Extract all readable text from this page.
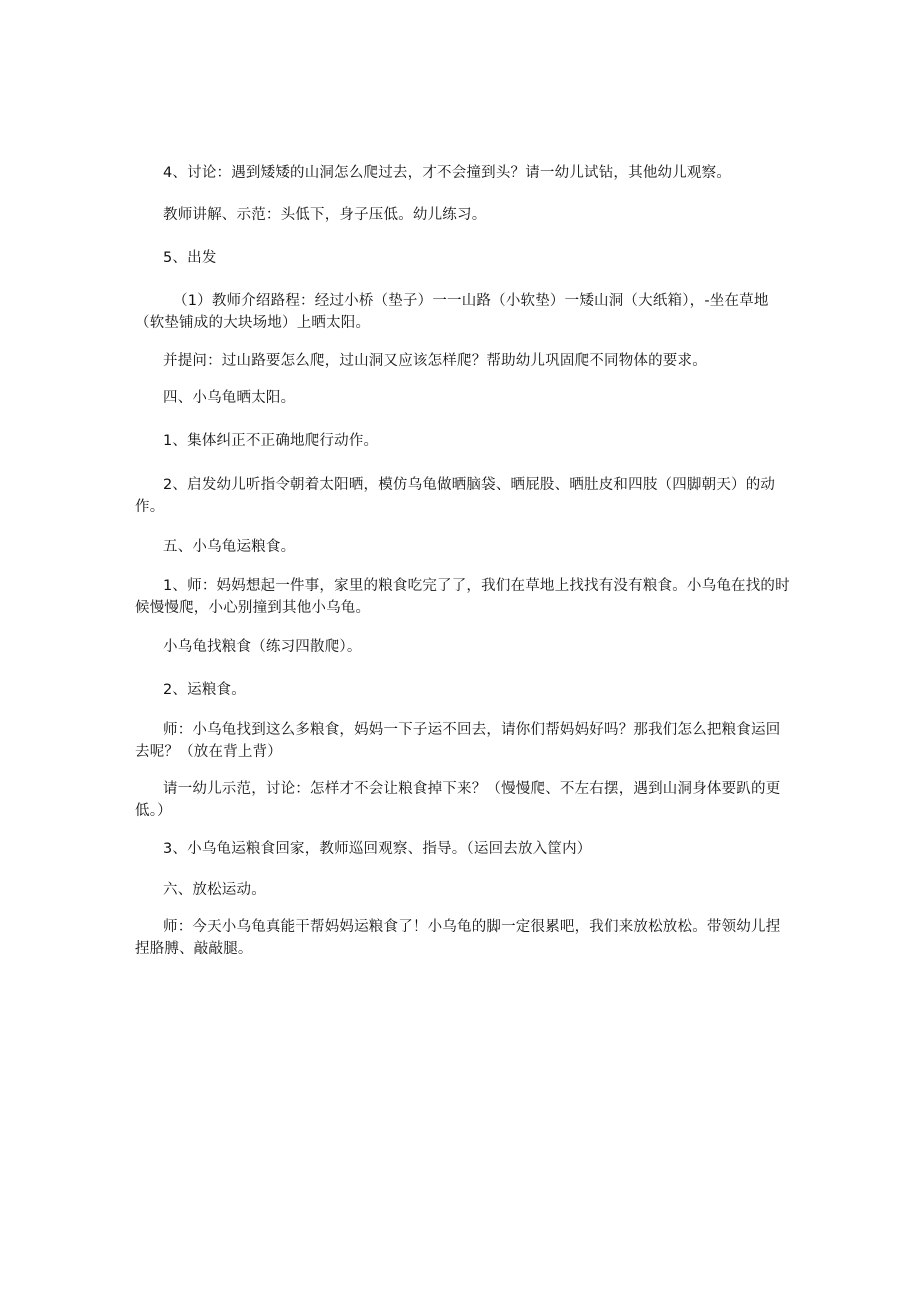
4、讨论：遇到矮矮的山洞怎么爬过去，才不会撞到头？请一幼儿试钻，其他幼儿观察。
教师讲解、示范：头低下，身子压低。幼儿练习。
5、出发
（1）教师介绍路程：经过小桥（垫子）一一山路（小软垫）一矮山洞（大纸箱），-坐在草地（软垫铺成的大块场地）上晒太阳。
并提问：过山路要怎么爬，过山洞又应该怎样爬？帮助幼儿巩固爬不同物体的要求。
四、小乌龟晒太阳。
1、集体纠正不正确地爬行动作。
2、启发幼儿听指令朝着太阳晒，模仿乌龟做晒脑袋、晒屁股、晒肚皮和四肢（四脚朝天）的动作。
五、小乌龟运粮食。
1、师：妈妈想起一件事，家里的粮食吃完了了，我们在草地上找找有没有粮食。小乌龟在找的时候慢慢爬，小心别撞到其他小乌龟。
小乌龟找粮食（练习四散爬）。
2、运粮食。
师：小乌龟找到这么多粮食，妈妈一下子运不回去，请你们帮妈妈好吗？那我们怎么把粮食运回去呢？（放在背上背）
请一幼儿示范，讨论：怎样才不会让粮食掉下来？（慢慢爬、不左右摆，遇到山洞身体要趴的更低。）
3、小乌龟运粮食回家，教师巡回观察、指导。（运回去放入筐内）
六、放松运动。
师：今天小乌龟真能干帮妈妈运粮食了！小乌龟的脚一定很累吧，我们来放松放松。带领幼儿捏捏胳膊、敲敲腿。
